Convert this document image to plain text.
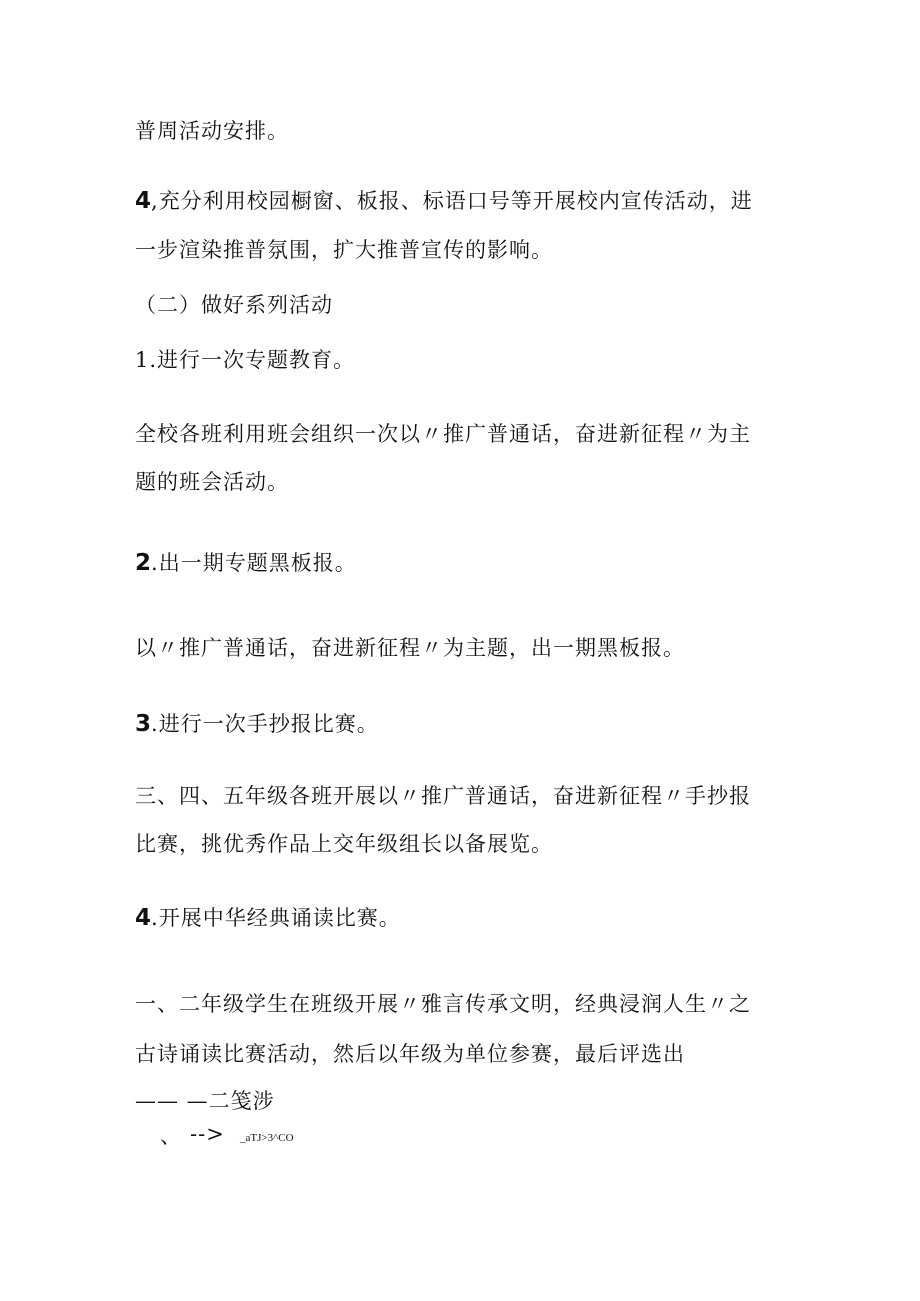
普周活动安排。
4,充分利用校园橱窗、板报、标语口号等开展校内宣传活动，进
一步渲染推普氛围，扩大推普宣传的影响。
（二）做好系列活动
1.进行一次专题教育。
全校各班利用班会组织一次以〃推广普通话，奋进新征程〃为主
题的班会活动。
2.出一期专题黑板报。
以〃推广普通话，奋进新征程〃为主题，出一期黑板报。
3.进行一次手抄报比赛。
三、四、五年级各班开展以〃推广普通话，奋进新征程〃手抄报
比赛，挑优秀作品上交年级组长以备展览。
4.开展中华经典诵读比赛。
一、二年级学生在班级开展〃雅言传承文明，经典浸润人生〃之
古诗诵读比赛活动，然后以年级为单位参赛，最后评选出
—— —二笺涉
、 --> _aTJ>3^CO
